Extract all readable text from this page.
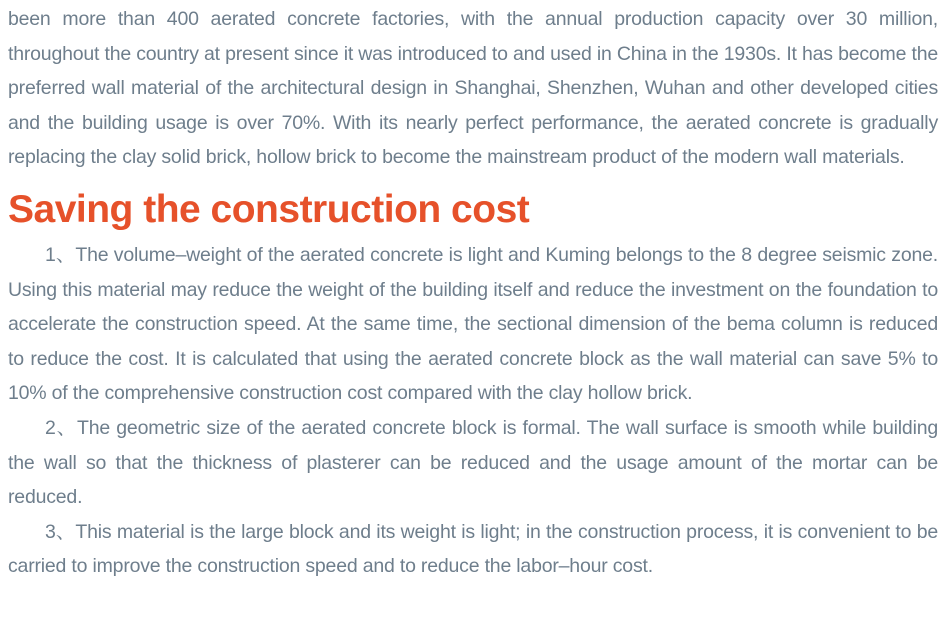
been more than 400 aerated concrete factories, with the annual production capacity over 30 million, throughout the country at present since it was introduced to and used in China in the 1930s. It has become the preferred wall material of the architectural design in Shanghai, Shenzhen, Wuhan and other developed cities and the building usage is over 70%. With its nearly perfect performance, the aerated concrete is gradually replacing the clay solid brick, hollow brick to become the mainstream product of the modern wall materials.

Saving the construction cost

1、The volume–weight of the aerated concrete is light and Kuming belongs to the 8 degree seismic zone. Using this material may reduce the weight of the building itself and reduce the investment on the foundation to accelerate the construction speed. At the same time, the sectional dimension of the bema column is reduced to reduce the cost. It is calculated that using the aerated concrete block as the wall material can save 5% to 10% of the comprehensive construction cost compared with the clay hollow brick.

2、The geometric size of the aerated concrete block is formal. The wall surface is smooth while building the wall so that the thickness of plasterer can be reduced and the usage amount of the mortar can be reduced.

3、This material is the large block and its weight is light; in the construction process, it is convenient to be carried to improve the construction speed and to reduce the labor–hour cost.
